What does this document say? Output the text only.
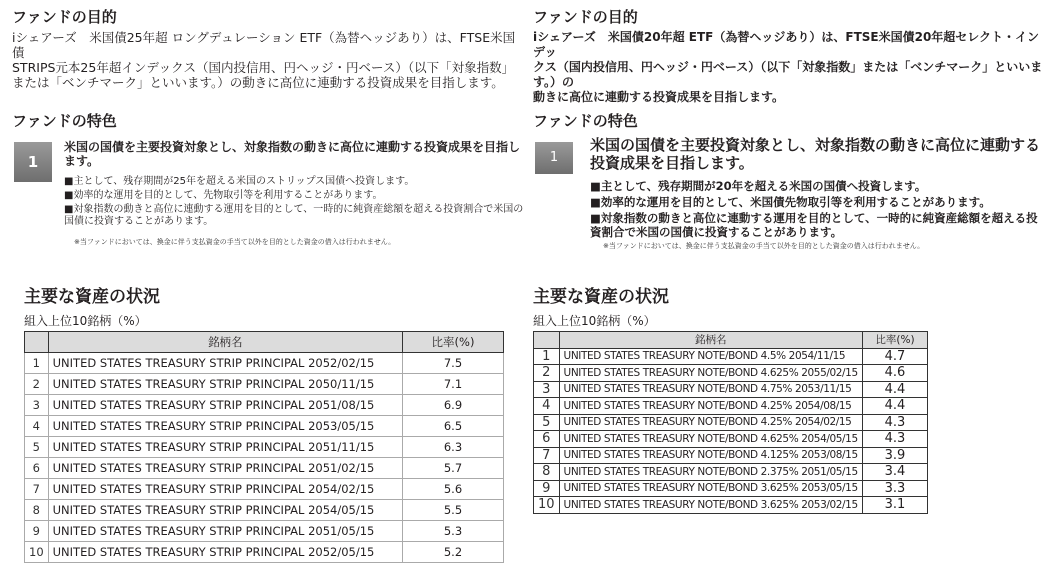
ファンドの目的
iシェアーズ　米国債25年超 ロングデュレーション ETF（為替ヘッジあり）は、FTSE米国債
STRIPS元本25年超インデックス（国内投信用、円ヘッジ・円ベース）（以下「対象指数」
または「ベンチマーク」といいます。）の動きに高位に連動する投資成果を目指します。
ファンドの特色
1
米国の国債を主要投資対象とし、対象指数の動きに高位に連動する投資成果を目指し
ます。
■主として、残存期間が25年を超える米国のストリップス国債へ投資します。
■効率的な運用を目的として、先物取引等を利用することがあります。
■対象指数の動きと高位に連動する運用を目的として、一時的に純資産総額を超える投資割合で米国の国債に投資することがあります。
※当ファンドにおいては、換金に伴う支払資金の手当て以外を目的とした資金の借入は行われません。
主要な資産の状況
組入上位10銘柄（%）
	銘柄名	比率(%)
1	UNITED STATES TREASURY STRIP PRINCIPAL 2052/02/15	7.5
2	UNITED STATES TREASURY STRIP PRINCIPAL 2050/11/15	7.1
3	UNITED STATES TREASURY STRIP PRINCIPAL 2051/08/15	6.9
4	UNITED STATES TREASURY STRIP PRINCIPAL 2053/05/15	6.5
5	UNITED STATES TREASURY STRIP PRINCIPAL 2051/11/15	6.3
6	UNITED STATES TREASURY STRIP PRINCIPAL 2051/02/15	5.7
7	UNITED STATES TREASURY STRIP PRINCIPAL 2054/02/15	5.6
8	UNITED STATES TREASURY STRIP PRINCIPAL 2054/05/15	5.5
9	UNITED STATES TREASURY STRIP PRINCIPAL 2051/05/15	5.3
10	UNITED STATES TREASURY STRIP PRINCIPAL 2052/05/15	5.2
ファンドの目的
iシェアーズ　米国債20年超 ETF（為替ヘッジあり）は、FTSE米国債20年超セレクト・インデッ
クス（国内投信用、円ヘッジ・円ベース）（以下「対象指数」または「ベンチマーク」といいます。）の
動きに高位に連動する投資成果を目指します。
ファンドの特色
1
米国の国債を主要投資対象とし、対象指数の動きに高位に連動する
投資成果を目指します。
■主として、残存期間が20年を超える米国の国債へ投資します。
■効率的な運用を目的として、米国債先物取引等を利用することがあります。
■対象指数の動きと高位に連動する運用を目的として、一時的に純資産総額を超える投資割合で米国の国債に投資することがあります。
※当ファンドにおいては、換金に伴う支払資金の手当て以外を目的とした資金の借入は行われません。
主要な資産の状況
組入上位10銘柄（%）
	銘柄名	比率(%)
1	UNITED STATES TREASURY NOTE/BOND 4.5% 2054/11/15	4.7
2	UNITED STATES TREASURY NOTE/BOND 4.625% 2055/02/15	4.6
3	UNITED STATES TREASURY NOTE/BOND 4.75% 2053/11/15	4.4
4	UNITED STATES TREASURY NOTE/BOND 4.25% 2054/08/15	4.4
5	UNITED STATES TREASURY NOTE/BOND 4.25% 2054/02/15	4.3
6	UNITED STATES TREASURY NOTE/BOND 4.625% 2054/05/15	4.3
7	UNITED STATES TREASURY NOTE/BOND 4.125% 2053/08/15	3.9
8	UNITED STATES TREASURY NOTE/BOND 2.375% 2051/05/15	3.4
9	UNITED STATES TREASURY NOTE/BOND 3.625% 2053/05/15	3.3
10	UNITED STATES TREASURY NOTE/BOND 3.625% 2053/02/15	3.1
